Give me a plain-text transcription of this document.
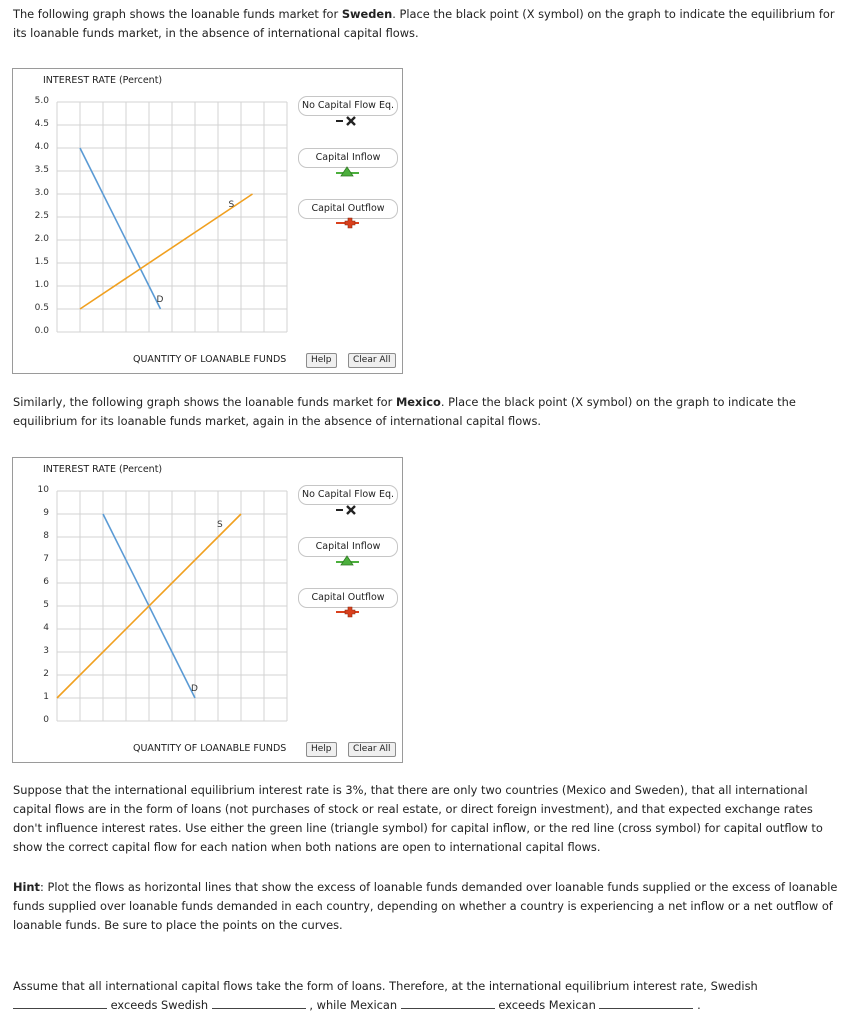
The following graph shows the loanable funds market for Sweden. Place the black point (X symbol) on the graph to indicate the equilibrium for its loanable funds market, in the absence of international capital flows.
INTEREST RATE (Percent)
5.0
4.5
4.0
3.5
3.0
2.5
2.0
1.5
1.0
0.5
0.0
D
S
QUANTITY OF LOANABLE FUNDS	Help	Clear All
No Capital Flow Eq.
Capital Inflow
Capital Outflow
Similarly, the following graph shows the loanable funds market for Mexico. Place the black point (X symbol) on the graph to indicate the equilibrium for its loanable funds market, again in the absence of international capital flows.
INTEREST RATE (Percent)
10
9
8
7
6
5
4
3
2
1
0
D
S
QUANTITY OF LOANABLE FUNDS	Help	Clear All
No Capital Flow Eq.
Capital Inflow
Capital Outflow
Suppose that the international equilibrium interest rate is 3%, that there are only two countries (Mexico and Sweden), that all international capital flows are in the form of loans (not purchases of stock or real estate, or direct foreign investment), and that expected exchange rates don't influence interest rates. Use either the green line (triangle symbol) for capital inflow, or the red line (cross symbol) for capital outflow to show the correct capital flow for each nation when both nations are open to international capital flows.
Hint: Plot the flows as horizontal lines that show the excess of loanable funds demanded over loanable funds supplied or the excess of loanable funds supplied over loanable funds demanded in each country, depending on whether a country is experiencing a net inflow or a net outflow of loanable funds. Be sure to place the points on the curves.
Assume that all international capital flows take the form of loans. Therefore, at the international equilibrium interest rate, Swedish
exceeds Swedish	, while Mexican	exceeds Mexican	.
